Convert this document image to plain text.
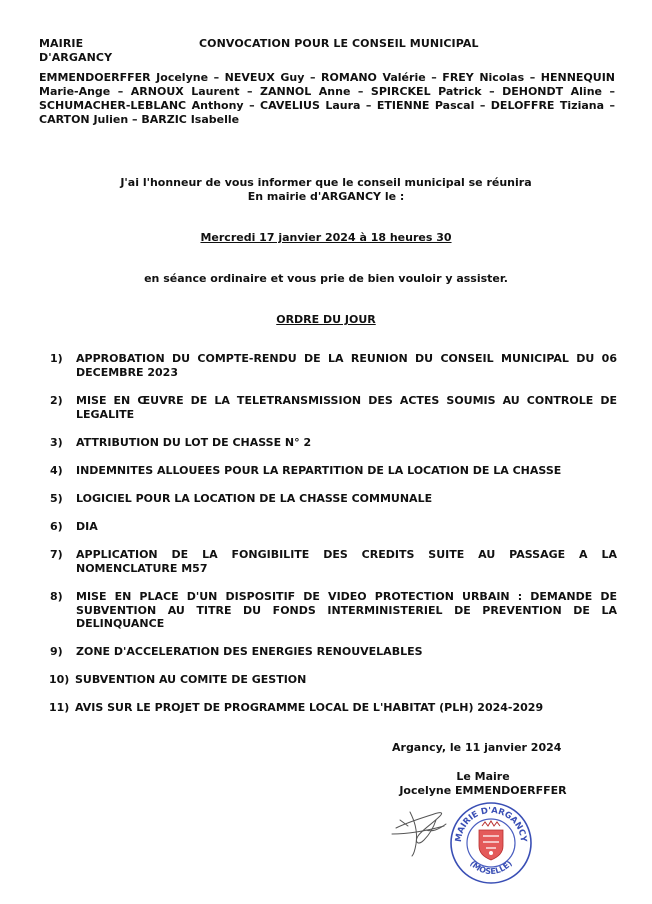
MAIRIE
D'ARGANCY
CONVOCATION POUR LE CONSEIL MUNICIPAL
EMMENDOERFFER Jocelyne – NEVEUX Guy – ROMANO Valérie – FREY Nicolas – HENNEQUIN Marie-Ange – ARNOUX Laurent – ZANNOL Anne – SPIRCKEL Patrick – DEHONDT Aline – SCHUMACHER-LEBLANC Anthony – CAVELIUS Laura – ETIENNE Pascal – DELOFFRE Tiziana – CARTON Julien – BARZIC Isabelle
J'ai l'honneur de vous informer que le conseil municipal se réunira
En mairie d'ARGANCY le :
Mercredi 17 janvier 2024 à 18 heures 30
en séance ordinaire et vous prie de bien vouloir y assister.
ORDRE DU JOUR
1)	APPROBATION DU COMPTE-RENDU DE LA REUNION DU CONSEIL MUNICIPAL DU 06 DECEMBRE 2023
2)	MISE EN ŒUVRE DE LA TELETRANSMISSION DES ACTES SOUMIS AU CONTROLE DE LEGALITE
3)	ATTRIBUTION DU LOT DE CHASSE N° 2
4)	INDEMNITES ALLOUEES POUR LA REPARTITION DE LA LOCATION DE LA CHASSE
5)	LOGICIEL POUR LA LOCATION DE LA CHASSE COMMUNALE
6)	DIA
7)	APPLICATION DE LA FONGIBILITE DES CREDITS SUITE AU PASSAGE A LA NOMENCLATURE M57
8)	MISE EN PLACE D'UN DISPOSITIF DE VIDEO PROTECTION URBAIN : DEMANDE DE SUBVENTION AU TITRE DU FONDS INTERMINISTERIEL DE PREVENTION DE LA DELINQUANCE
9)	ZONE D'ACCELERATION DES ENERGIES RENOUVELABLES
10) SUBVENTION AU COMITE DE GESTION
11) AVIS SUR LE PROJET DE PROGRAMME LOCAL DE L'HABITAT (PLH) 2024-2029
Argancy, le 11 janvier 2024
Le Maire
Jocelyne EMMENDOERFFER
MAIRIE D'ARGANCY
(MOSELLE)
